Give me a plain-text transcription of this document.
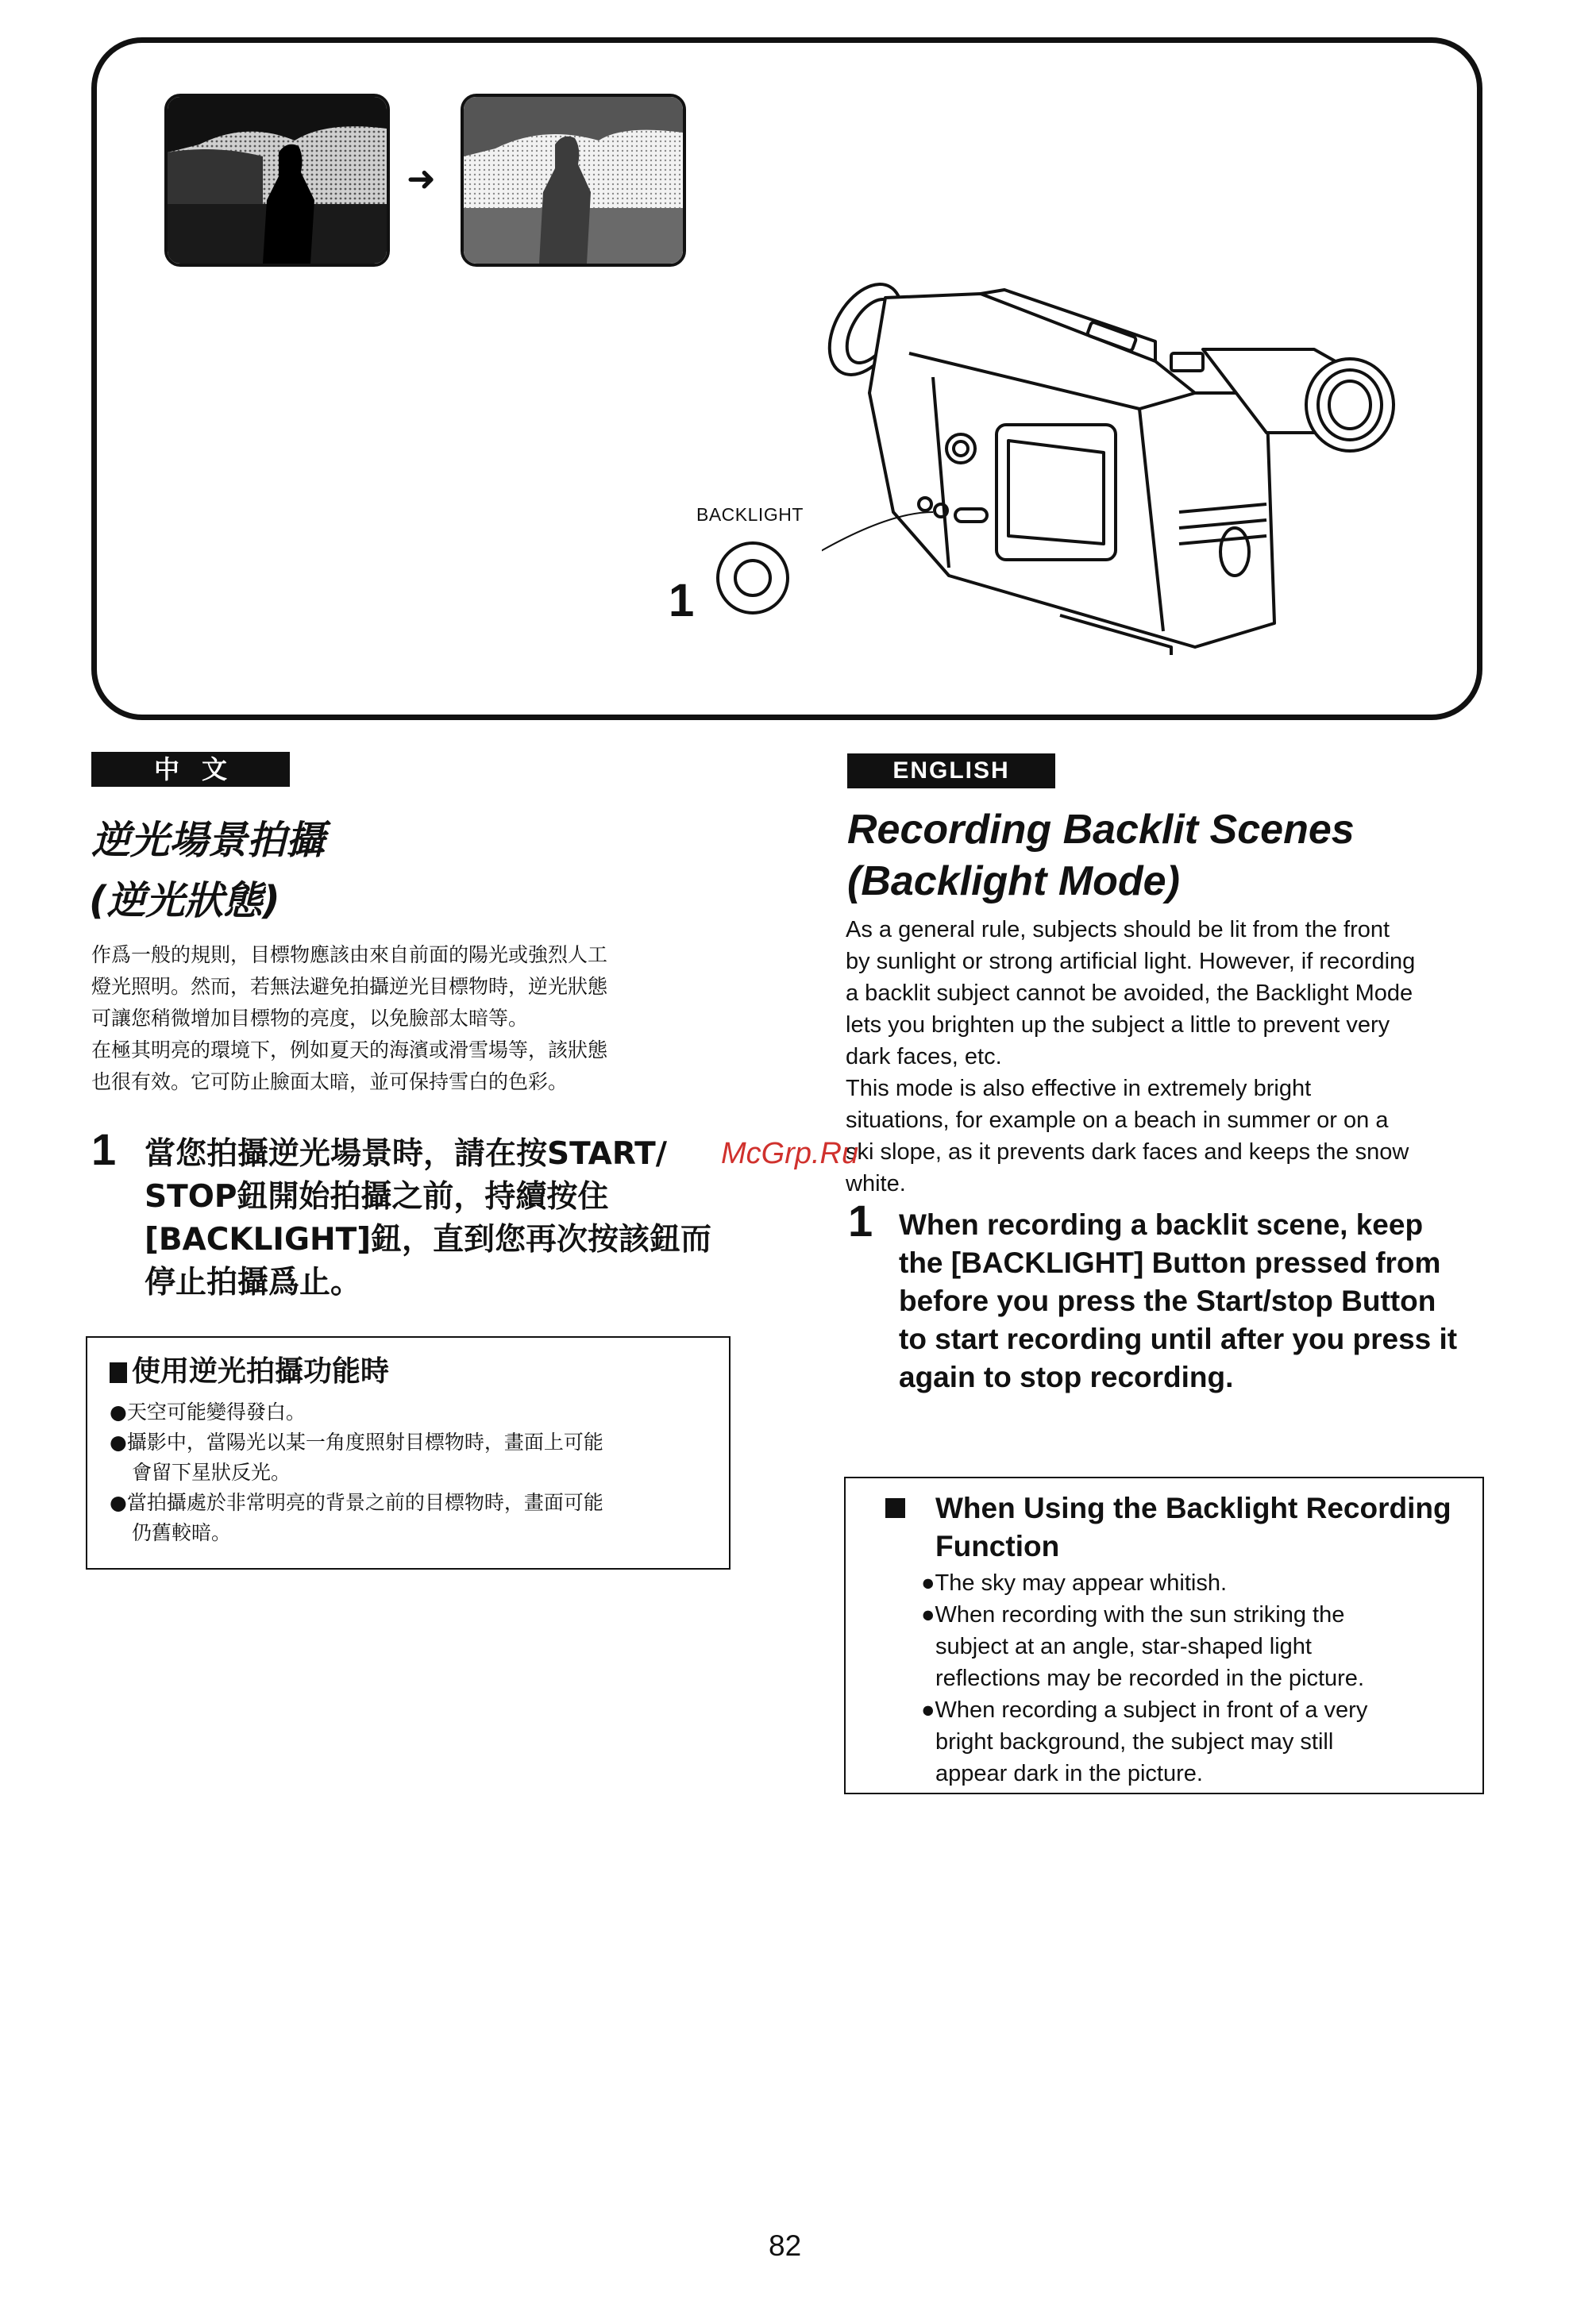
➜
BACKLIGHT
1
中文
逆光場景拍攝
(逆光狀態)
作爲一般的規則，目標物應該由來自前面的陽光或強烈人工
燈光照明。然而，若無法避免拍攝逆光目標物時，逆光狀態
可讓您稍微增加目標物的亮度，以免臉部太暗等。
在極其明亮的環境下，例如夏天的海濱或滑雪場等，該狀態
也很有效。它可防止臉面太暗，並可保持雪白的色彩。
1 當您拍攝逆光場景時，請在按START/
STOP鈕開始拍攝之前，持續按住
[BACKLIGHT]鈕，直到您再次按該鈕而
停止拍攝爲止。
使用逆光拍攝功能時
●天空可能變得發白。
●攝影中，當陽光以某一角度照射目標物時，畫面上可能
會留下星狀反光。
●當拍攝處於非常明亮的背景之前的目標物時，畫面可能
仍舊較暗。
ENGLISH
Recording Backlit Scenes
(Backlight Mode)
As a general rule, subjects should be lit from the front
by sunlight or strong artificial light. However, if recording
a backlit subject cannot be avoided, the Backlight Mode
lets you brighten up the subject a little to prevent very
dark faces, etc.
This mode is also effective in extremely bright
situations, for example on a beach in summer or on a
ski slope, as it prevents dark faces and keeps the snow
white.
1 When recording a backlit scene, keep
the [BACKLIGHT] Button pressed from
before you press the Start/stop Button
to start recording until after you press it
again to stop recording.
When Using the Backlight Recording Function
●The sky may appear whitish.
●When recording with the sun striking the
subject at an angle, star-shaped light
reflections may be recorded in the picture.
●When recording a subject in front of a very
bright background, the subject may still
appear dark in the picture.
McGrp.Ru
82
